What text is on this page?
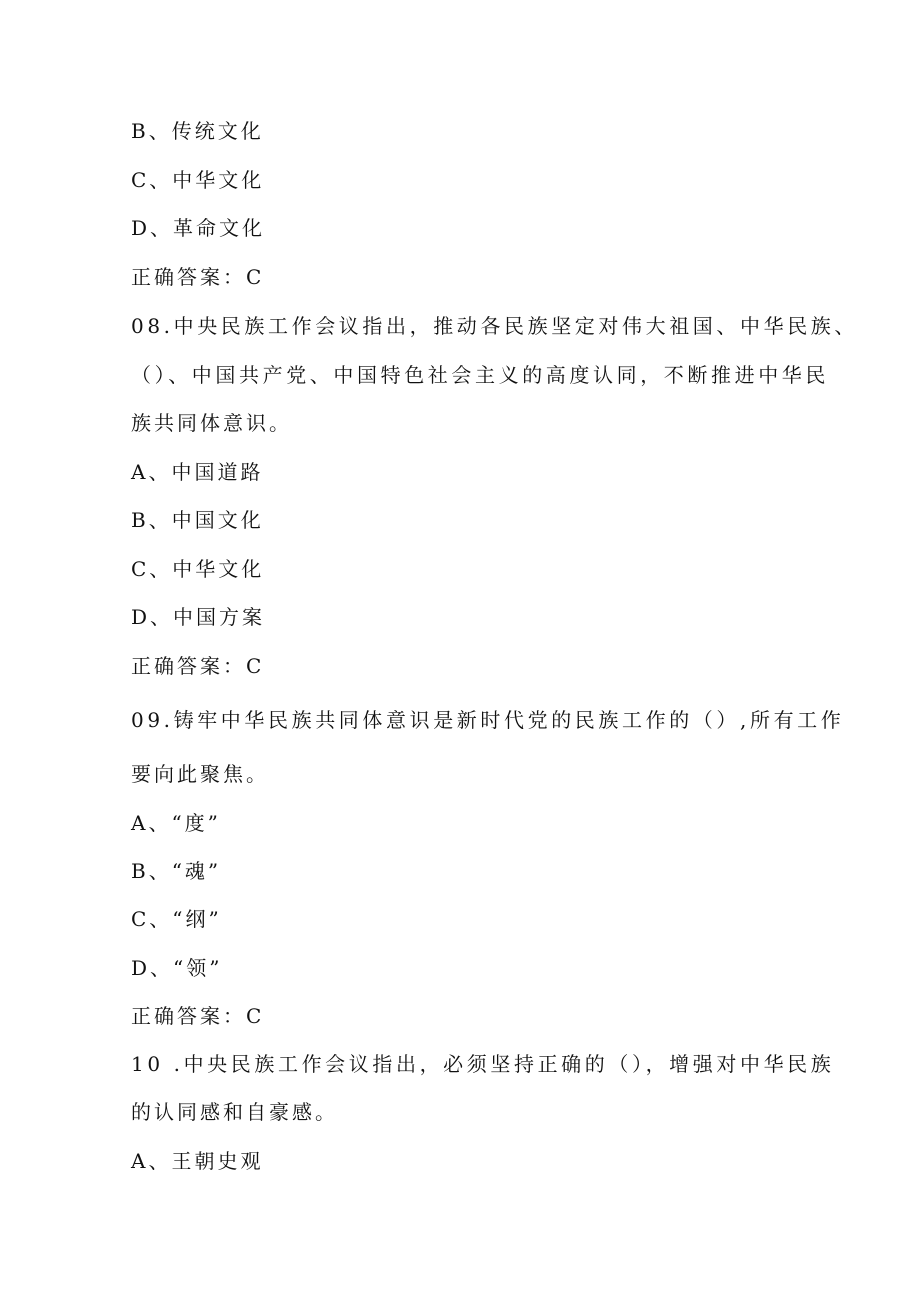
B、传统文化
C、中华文化
D、革命文化
正确答案：C
08.中央民族工作会议指出，推动各民族坚定对伟大祖国、中华民族、
（）、中国共产党、中国特色社会主义的高度认同，不断推进中华民
族共同体意识。
A、中国道路
B、中国文化
C、中华文化
D、中国方案
正确答案：C
09.铸牢中华民族共同体意识是新时代党的民族工作的（）,所有工作
要向此聚焦。
A、“度”
B、“魂”
C、“纲”
D、“领”
正确答案：C
10 .中央民族工作会议指出，必须坚持正确的（），增强对中华民族
的认同感和自豪感。
A、王朝史观
